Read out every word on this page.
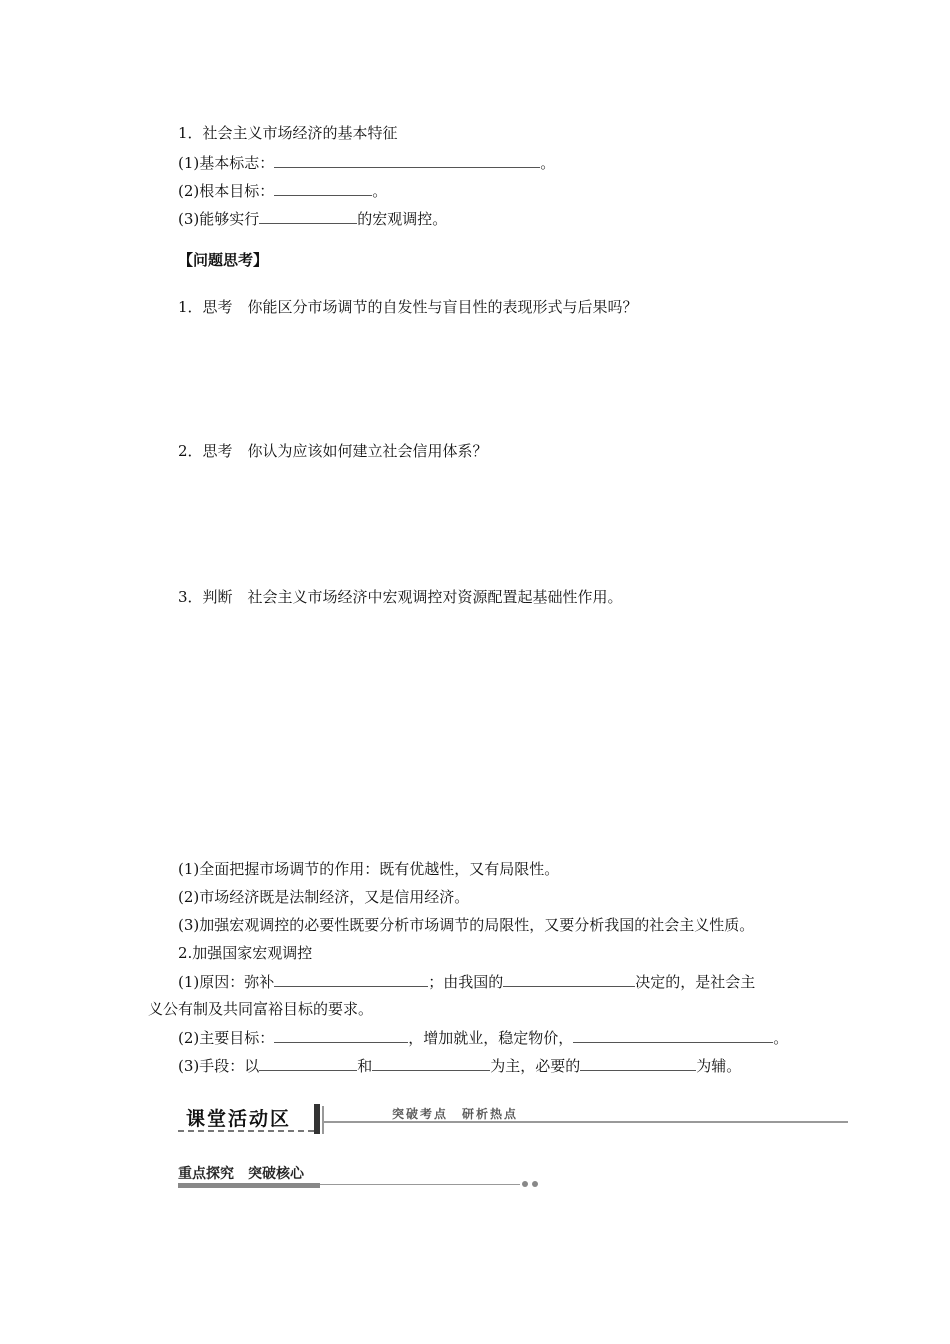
1．社会主义市场经济的基本特征
(1)基本标志：	。
(2)根本目标：	。
(3)能够实行	的宏观调控。
【问题思考】
1．思考　你能区分市场调节的自发性与盲目性的表现形式与后果吗？
2．思考　你认为应该如何建立社会信用体系？
3．判断　社会主义市场经济中宏观调控对资源配置起基础性作用。
(1)全面把握市场调节的作用：既有优越性，又有局限性。
(2)市场经济既是法制经济，又是信用经济。
(3)加强宏观调控的必要性既要分析市场调节的局限性，又要分析我国的社会主义性质。
2.加强国家宏观调控
(1)原因：弥补	；由我国的	决定的，是社会主
义公有制及共同富裕目标的要求。
(2)主要目标：	，增加就业，稳定物价，	。
(3)手段：以	和	为主，必要的	为辅。
课堂活动区	突破考点　研析热点
重点探究　突破核心
